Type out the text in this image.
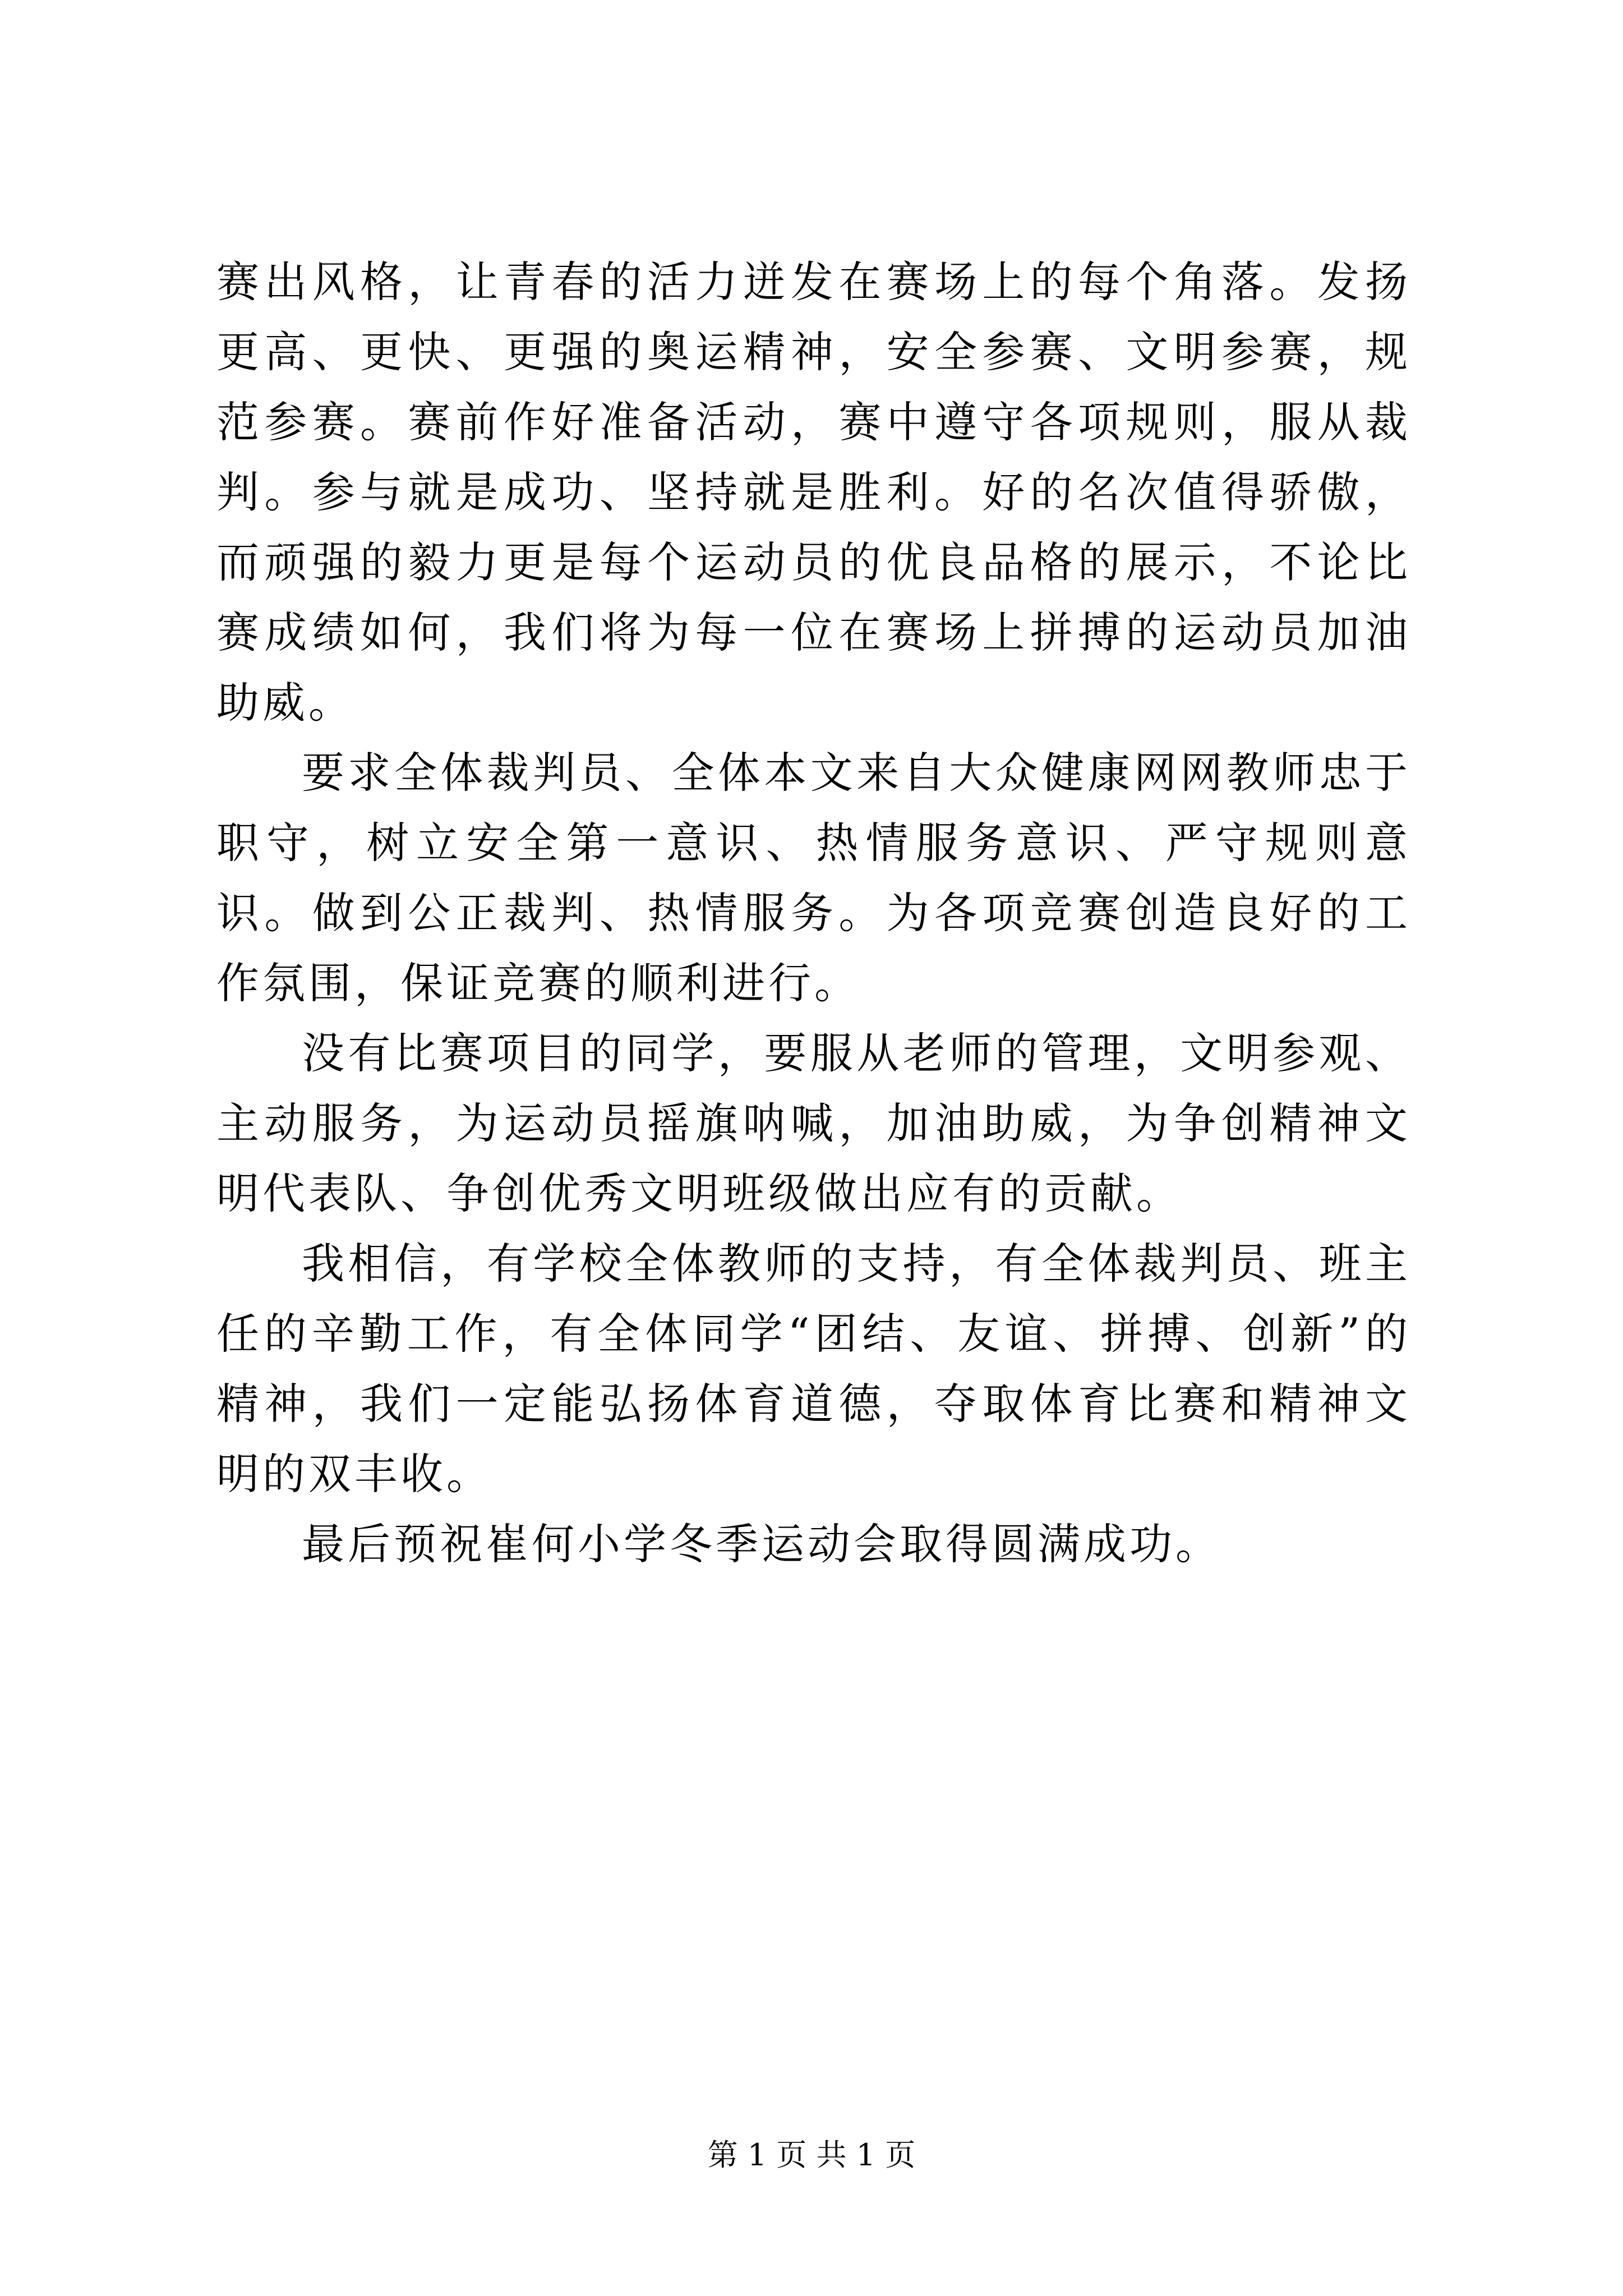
赛出风格，让青春的活力迸发在赛场上的每个角落。发扬更高、更快、更强的奥运精神，安全参赛、文明参赛，规范参赛。赛前作好准备活动，赛中遵守各项规则，服从裁判。参与就是成功、坚持就是胜利。好的名次值得骄傲，而顽强的毅力更是每个运动员的优良品格的展示，不论比赛成绩如何，我们将为每一位在赛场上拼搏的运动员加油助威。

要求全体裁判员、全体本文来自大众健康网网教师忠于职守，树立安全第一意识、热情服务意识、严守规则意识。做到公正裁判、热情服务。为各项竞赛创造良好的工作氛围，保证竞赛的顺利进行。

没有比赛项目的同学，要服从老师的管理，文明参观、主动服务，为运动员摇旗呐喊，加油助威，为争创精神文明代表队、争创优秀文明班级做出应有的贡献。

我相信，有学校全体教师的支持，有全体裁判员、班主任的辛勤工作，有全体同学“团结、友谊、拼搏、创新”的精神，我们一定能弘扬体育道德，夺取体育比赛和精神文明的双丰收。

最后预祝崔何小学冬季运动会取得圆满成功。

第 1 页 共 1 页
